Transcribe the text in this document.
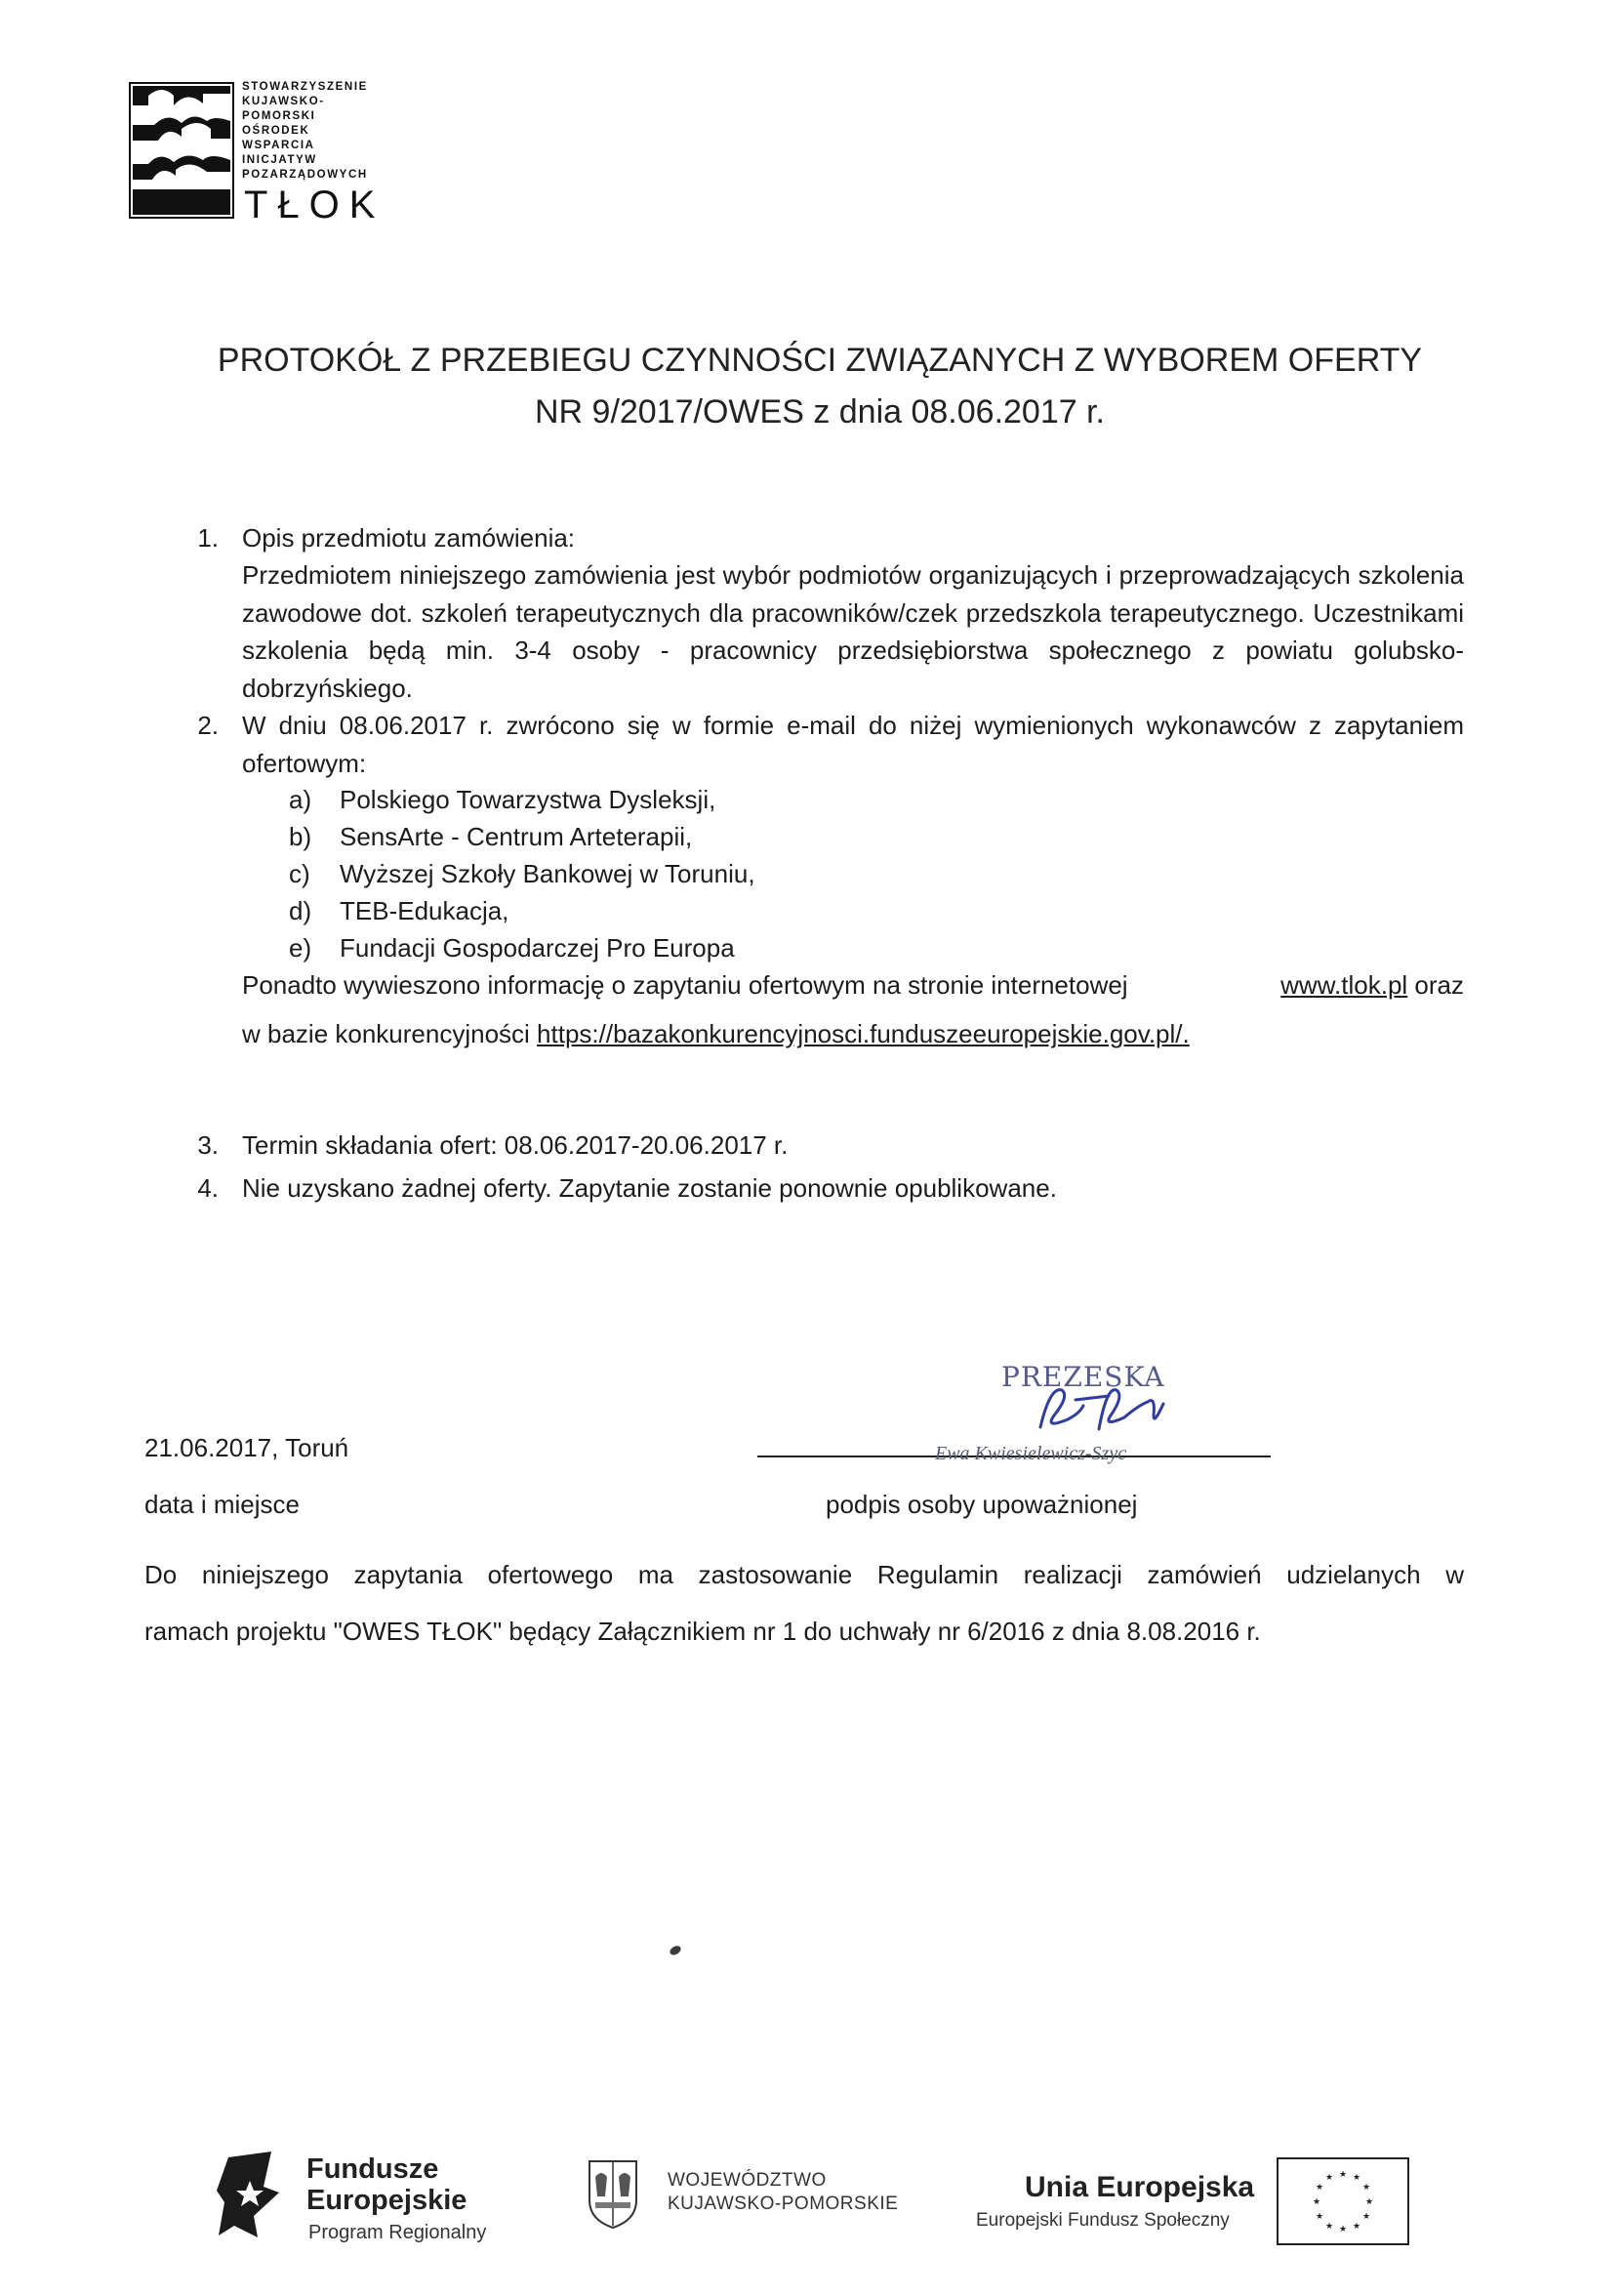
STOWARZYSZENIE
KUJAWSKO-
POMORSKI
OŚRODEK
WSPARCIA
INICJATYW
POZARZĄDOWYCH
TŁOK
PROTOKÓŁ Z PRZEBIEGU CZYNNOŚCI ZWIĄZANYCH Z WYBOREM OFERTY
NR 9/2017/OWES z dnia 08.06.2017 r.
1. Opis przedmiotu zamówienia:
Przedmiotem niniejszego zamówienia jest wybór podmiotów organizujących i przeprowadzających szkolenia zawodowe dot. szkoleń terapeutycznych dla pracowników/czek przedszkola terapeutycznego. Uczestnikami szkolenia będą min. 3-4 osoby - pracownicy przedsiębiorstwa społecznego z powiatu golubsko-dobrzyńskiego.
2. W dniu 08.06.2017 r. zwrócono się w formie e-mail do niżej wymienionych wykonawców z zapytaniem ofertowym:
a) Polskiego Towarzystwa Dysleksji,
b) SensArte - Centrum Arteterapii,
c) Wyższej Szkoły Bankowej w Toruniu,
d) TEB-Edukacja,
e) Fundacji Gospodarczej Pro Europa
Ponadto wywieszono informację o zapytaniu ofertowym na stronie internetowej	www.tlok.pl oraz
w bazie konkurencyjności https://bazakonkurencyjnosci.funduszeeuropejskie.gov.pl/.
3. Termin składania ofert: 08.06.2017-20.06.2017 r.
4. Nie uzyskano żadnej oferty. Zapytanie zostanie ponownie opublikowane.
21.06.2017, Toruń
data i miejsce
PREZESKA
Ewa Kwiesielewicz-Szyc
podpis osoby upoważnionej
Do niniejszego zapytania ofertowego ma zastosowanie Regulamin realizacji zamówień udzielanych w
ramach projektu "OWES TŁOK" będący Załącznikiem nr 1 do uchwały nr 6/2016 z dnia 8.08.2016 r.
Fundusze
Europejskie
Program Regionalny
WOJEWÓDZTWO
KUJAWSKO-POMORSKIE
Unia Europejska
Europejski Fundusz Społeczny
★ ★
★
★
★
★
★
★
★
★
★
★
